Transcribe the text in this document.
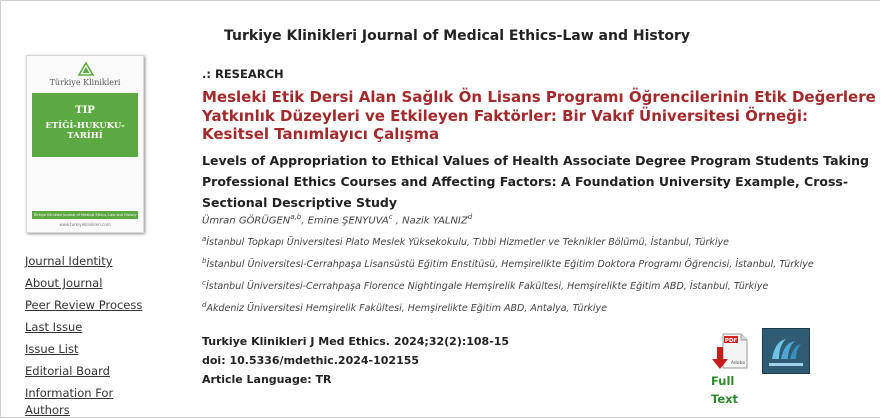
Turkiye Klinikleri Journal of Medical Ethics-Law and History
Türkiye Klinikleri
TIP
ETİĞİ-HUKUKU-TARİHİ
Türkiye Klinikleri Journal of Medical Ethics, Law and History
www.turkiyeklinikleri.com
Journal Identity
About Journal
Peer Review Process
Last Issue
Issue List
Editorial Board
Information For Authors
.: RESEARCH
Mesleki Etik Dersi Alan Sağlık Ön Lisans Programı Öğrencilerinin Etik Değerlere Yatkınlık Düzeyleri ve Etkileyen Faktörler: Bir Vakıf Üniversitesi Örneği: Kesitsel Tanımlayıcı Çalışma
Levels of Appropriation to Ethical Values of Health Associate Degree Program Students Taking Professional Ethics Courses and Affecting Factors: A Foundation University Example, Cross-Sectional Descriptive Study
Ümran GÖRÜGEN$^{a,b}$, Emine ŞENYUVA$^c$ , Nazik YALNIZ$^d$
$^a$İstanbul Topkapı Üniversitesi Plato Meslek Yüksekokulu, Tıbbi Hizmetler ve Teknikler Bölümü, İstanbul, Türkiye
$^b$İstanbul Üniversitesi-Cerrahpaşa Lisansüstü Eğitim Enstitüsü, Hemşirelikte Eğitim Doktora Programı Öğrencisi, İstanbul, Türkiye
$^c$İstanbul Üniversitesi-Cerrahpaşa Florence Nightingale Hemşirelik Fakültesi, Hemşirelikte Eğitim ABD, İstanbul, Türkiye
$^d$Akdeniz Üniversitesi Hemşirelik Fakültesi, Hemşirelikte Eğitim ABD, Antalya, Türkiye
Turkiye Klinikleri J Med Ethics. 2024;32(2):108-15
doi: 10.5336/mdethic.2024-102155
Article Language: TR
PDF
Adobe
Full Text
